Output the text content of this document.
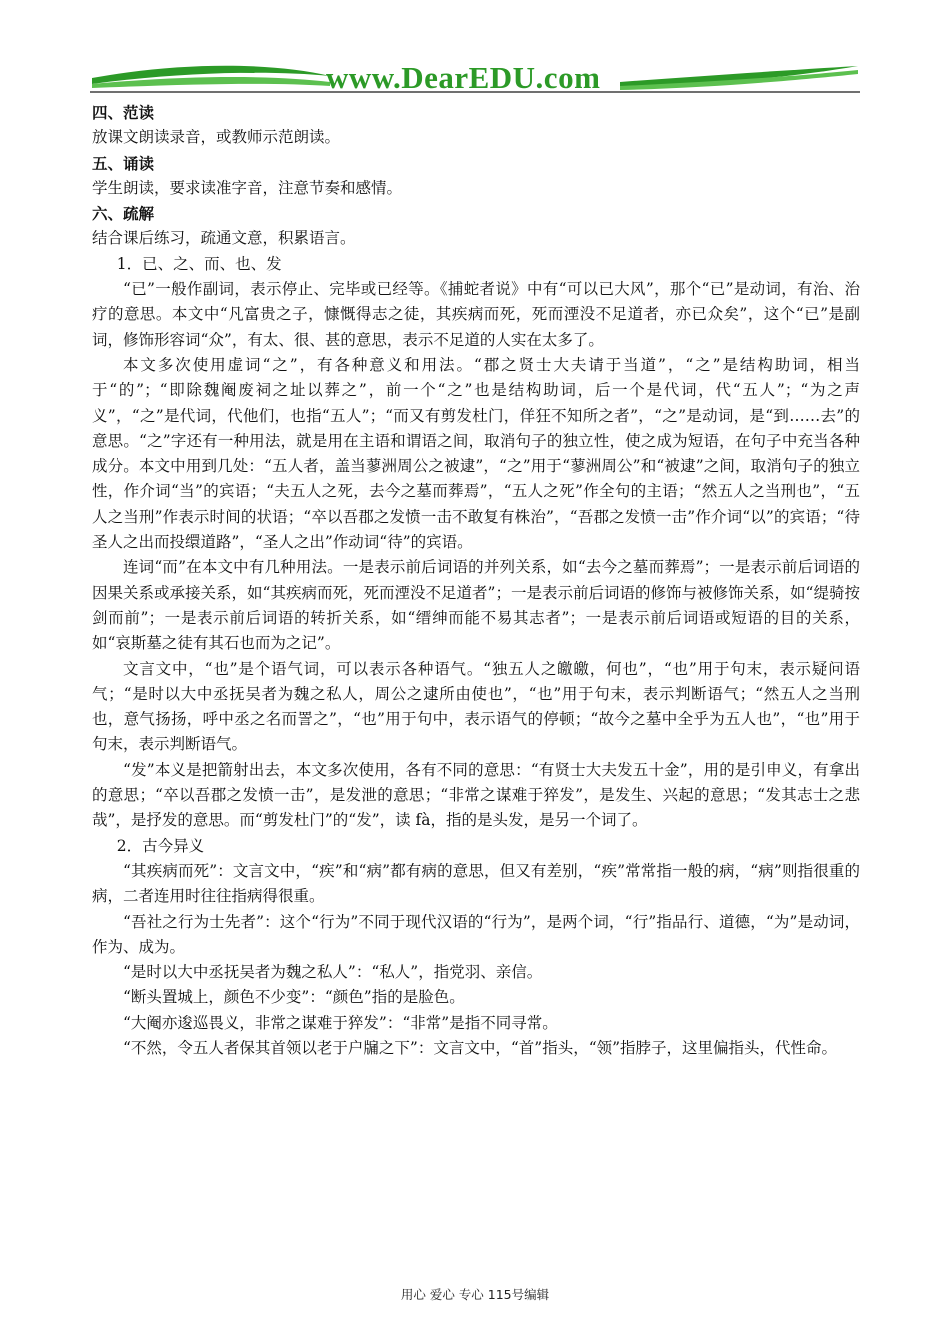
www.DearEDU.com

四、范读

放课文朗读录音，或教师示范朗读。

五、诵读

学生朗读，要求读准字音，注意节奏和感情。

六、疏解

结合课后练习，疏通文意，积累语言。

1．已、之、而、也、发

“已”一般作副词，表示停止、完毕或已经等。《捕蛇者说》中有“可以已大风”，那个“已”是动词，有治、治疗的意思。本文中“凡富贵之子，慷慨得志之徒，其疾病而死，死而湮没不足道者，亦已众矣”，这个“已”是副词，修饰形容词“众”，有太、很、甚的意思，表示不足道的人实在太多了。

本文多次使用虚词“之”，有各种意义和用法。“郡之贤士大夫请于当道”，“之”是结构助词，相当于“的”；“即除魏阉废祠之址以葬之”，前一个“之”也是结构助词，后一个是代词，代“五人”；“为之声义”，“之”是代词，代他们，也指“五人”；“而又有剪发杜门，佯狂不知所之者”，“之”是动词，是“到……去”的意思。“之”字还有一种用法，就是用在主语和谓语之间，取消句子的独立性，使之成为短语，在句子中充当各种成分。本文中用到几处：“五人者，盖当蓼洲周公之被逮”，“之”用于“蓼洲周公”和“被逮”之间，取消句子的独立性，作介词“当”的宾语；“夫五人之死，去今之墓而葬焉”，“五人之死”作全句的主语；“然五人之当刑也”，“五人之当刑”作表示时间的状语；“卒以吾郡之发愤一击不敢复有株治”，“吾郡之发愤一击”作介词“以”的宾语；“待圣人之出而投缳道路”，“圣人之出”作动词“待”的宾语。

连词“而”在本文中有几种用法。一是表示前后词语的并列关系，如“去今之墓而葬焉”；一是表示前后词语的因果关系或承接关系，如“其疾病而死，死而湮没不足道者”；一是表示前后词语的修饰与被修饰关系，如“缇骑按剑而前”；一是表示前后词语的转折关系，如“缙绅而能不易其志者”；一是表示前后词语或短语的目的关系，如“哀斯墓之徒有其石也而为之记”。

文言文中，“也”是个语气词，可以表示各种语气。“独五人之皦皦，何也”，“也”用于句末，表示疑问语气；“是时以大中丞抚吴者为魏之私人，周公之逮所由使也”，“也”用于句末，表示判断语气；“然五人之当刑也，意气扬扬，呼中丞之名而詈之”，“也”用于句中，表示语气的停顿；“故今之墓中全乎为五人也”，“也”用于句末，表示判断语气。

“发”本义是把箭射出去，本文多次使用，各有不同的意思：“有贤士大夫发五十金”，用的是引申义，有拿出的意思；“卒以吾郡之发愤一击”，是发泄的意思；“非常之谋难于猝发”，是发生、兴起的意思；“发其志士之悲哉”，是抒发的意思。而“剪发杜门”的“发”，读 fà，指的是头发，是另一个词了。

2．古今异义

“其疾病而死”：文言文中，“疾”和“病”都有病的意思，但又有差别，“疾”常常指一般的病，“病”则指很重的病，二者连用时往往指病得很重。

“吾社之行为士先者”：这个“行为”不同于现代汉语的“行为”，是两个词，“行”指品行、道德，“为”是动词，作为、成为。

“是时以大中丞抚吴者为魏之私人”：“私人”，指党羽、亲信。

“断头置城上，颜色不少变”：“颜色”指的是脸色。

“大阉亦逡巡畏义，非常之谋难于猝发”：“非常”是指不同寻常。

“不然，令五人者保其首领以老于户牖之下”：文言文中，“首”指头，“领”指脖子，这里偏指头，代性命。

用心 爱心 专心 115号编辑
